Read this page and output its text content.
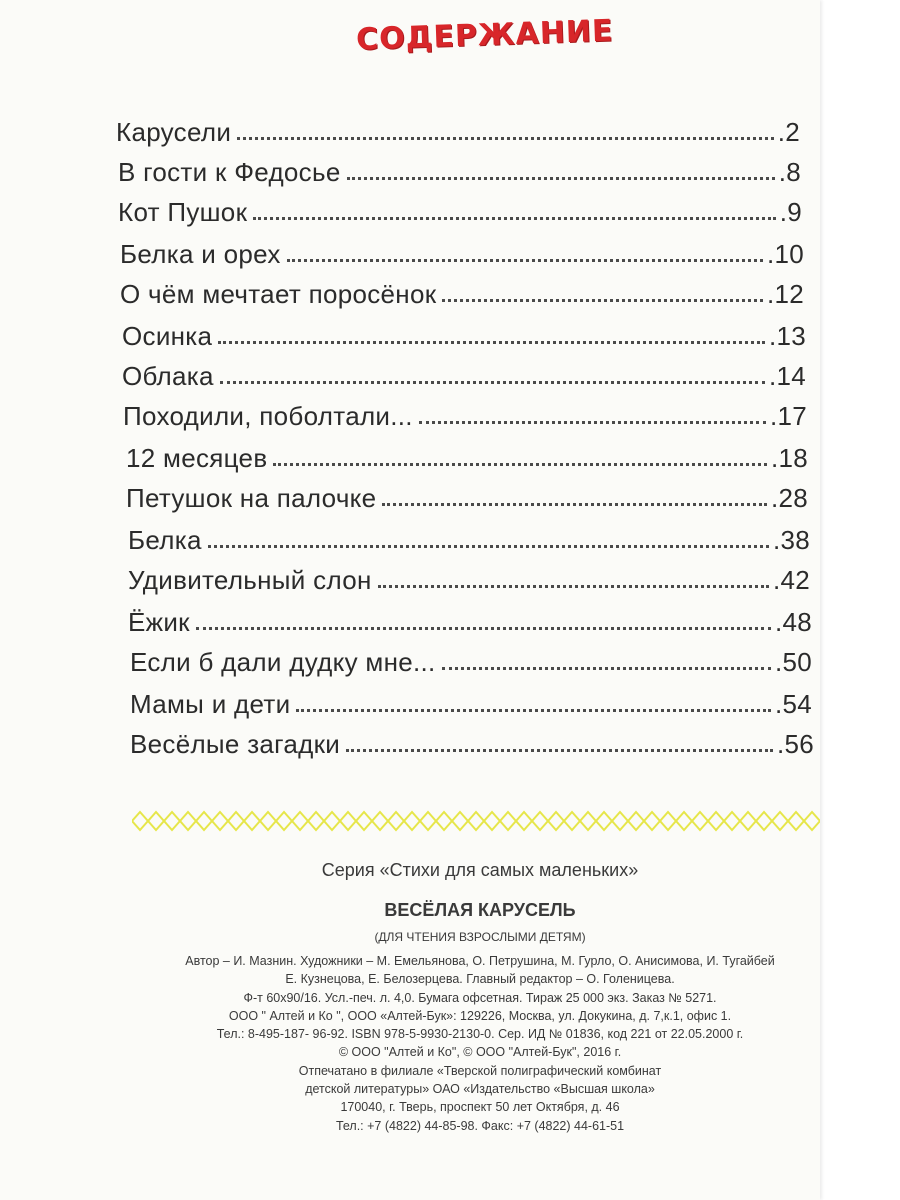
СОДЕРЖАНИЕ
Карусели	.2
В гости к Федосье	.8
Кот Пушок	.9
Белка и орех	.10
О чём мечтает поросёнок	.12
Осинка	.13
Облака	.14
Походили, поболтали...	.17
12 месяцев	.18
Петушок на палочке	.28
Белка	.38
Удивительный слон	.42
Ёжик	.48
Если б дали дудку мне...	.50
Мамы и дети	.54
Весёлые загадки	.56
Серия «Стихи для самых маленьких»
ВЕСЁЛАЯ КАРУСЕЛЬ
(ДЛЯ ЧТЕНИЯ ВЗРОСЛЫМИ ДЕТЯМ)
Автор – И. Мазнин. Художники – М. Емельянова, О. Петрушина, М. Гурло, О. Анисимова, И. Тугайбей
Е. Кузнецова, Е. Белозерцева. Главный редактор – О. Голеницева.
Ф-т 60х90/16. Усл.-печ. л. 4,0. Бумага офсетная. Тираж 25 000 экз. Заказ № 5271.
ООО " Алтей и Ко ", ООО «Алтей-Бук»: 129226, Москва, ул. Докукина, д. 7,к.1, офис 1.
Тел.: 8-495-187- 96-92. ISBN 978-5-9930-2130-0. Сер. ИД № 01836, код 221 от 22.05.2000 г.
© ООО "Алтей и Ко", © ООО "Алтей-Бук", 2016 г.
Отпечатано в филиале «Тверской полиграфический комбинат
детской литературы» ОАО «Издательство «Высшая школа»
170040, г. Тверь, проспект 50 лет Октября, д. 46
Тел.: +7 (4822) 44-85-98. Факс: +7 (4822) 44-61-51
